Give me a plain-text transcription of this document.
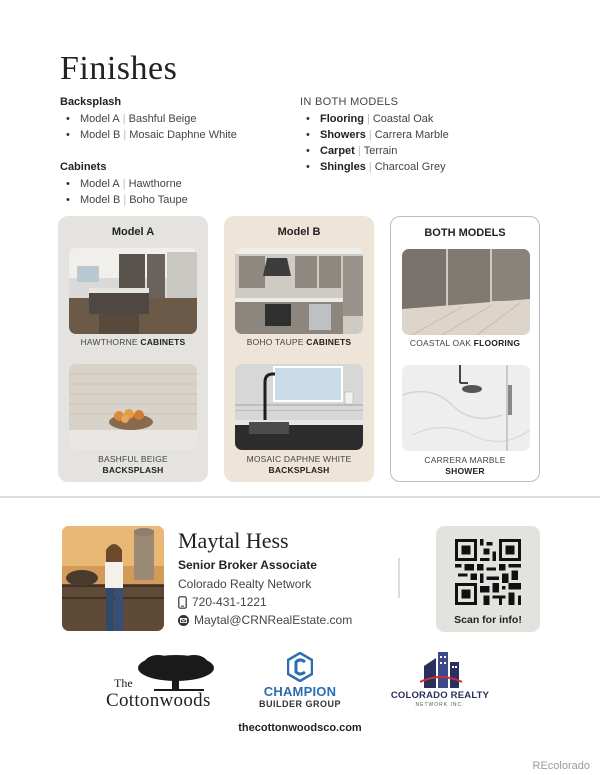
Finishes
Backsplash
• Model A | Bashful Beige
• Model B | Mosaic Daphne White
Cabinets
• Model A | Hawthorne
• Model B | Boho Taupe
IN BOTH MODELS
• Flooring | Coastal Oak
• Showers | Carrera Marble
• Carpet | Terrain
• Shingles | Charcoal Grey
Model A
HAWTHORNE CABINETS
BASHFUL BEIGE
BACKSPLASH
Model B
BOHO TAUPE CABINETS
MOSAIC DAPHNE WHITE
BACKSPLASH
BOTH MODELS
COASTAL OAK FLOORING
CARRERA MARBLE
SHOWER
Maytal Hess
Senior Broker Associate
Colorado Realty Network
720-431-1221
Maytal@CRNRealEstate.com	Scan for info!
The
Cottonwoods	CHAMPION
BUILDER GROUP
COLORADO REALTY
NETWORK INC.
thecottonwoodsco.com
REcolorado
